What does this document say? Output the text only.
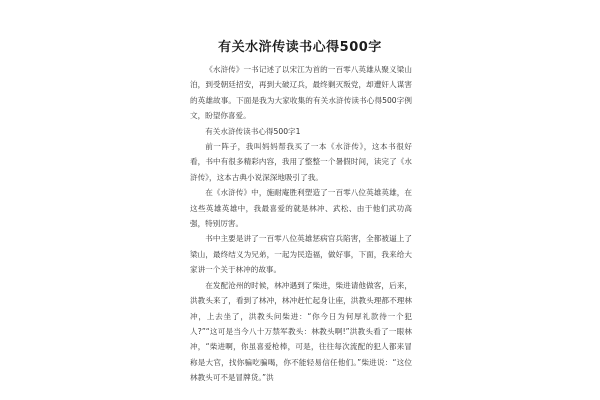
有关水浒传读书心得500字

《水浒传》一书记述了以宋江为首的一百零八英雄从聚义梁山泊，到受朝廷招安，再到大破辽兵，最终剿灭叛党，却遭奸人谋害的英雄故事。下面是我为大家收集的有关水浒传读书心得500字例文，盼望你喜爱。

有关水浒传读书心得500字1

前一阵子，我叫妈妈帮我买了一本《水浒传》，这本书很好看，书中有很多精彩内容，我用了整整一个暑假时间，读完了《水浒传》，这本古典小说深深地吸引了我。

在《水浒传》中，施耐庵胜利塑造了一百零八位英雄英雄，在这些英雄英雄中，我最喜爱的就是林冲、武松、由于他们武功高强，特别厉害。

书中主要是讲了一百零八位英雄惩病官兵陷害，全都被逼上了梁山，最终结义为兄弟，一起为民造福，做好事，下面，我来给大家讲一个关于林冲的故事。

在发配沧州的时候，林冲遇到了柴进，柴进请他做客，后来，洪教头来了，看到了林冲，林冲赶忙起身让座，洪教头理都不理林冲，上去坐了，洪教头问柴进：“你今日为何厚礼款待一个犯人?”“这可是当今八十万禁军教头：林教头啊!”洪教头看了一眼林冲，“柴进啊，你虽喜爱枪棒，可是，往往每次流配的犯人都来冒称是大官，找你骗吃骗喝，你不能轻易信任他们。”柴进说：“这位林教头可不是冒牌货。”洪
